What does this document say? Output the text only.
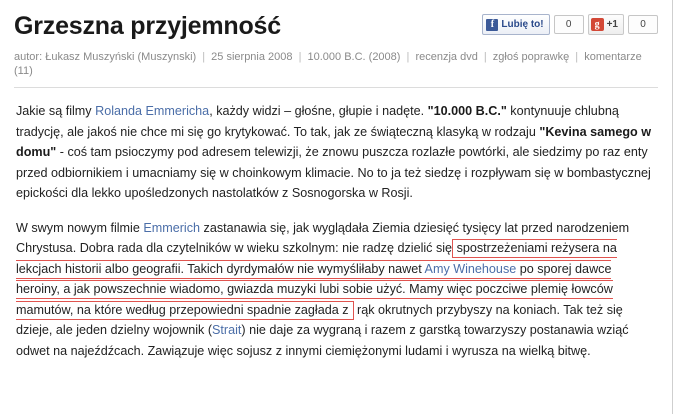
Grzeszna przyjemność	f Lubię to!	0	g +1	0
autor: Łukasz Muszyński (Muszynski) | 25 sierpnia 2008 | 10.000 B.C. (2008) | recenzja dvd | zgłoś poprawkę | komentarze (11)

Jakie są filmy Rolanda Emmericha, każdy widzi – głośne, głupie i nadęte. "10.000 B.C." kontynuuje chlubną tradycję, ale jakoś nie chce mi się go krytykować. To tak, jak ze świąteczną klasyką w rodzaju "Kevina samego w domu" - coś tam psioczymy pod adresem telewizji, że znowu puszcza rozlazłe powtórki, ale siedzimy po raz enty przed odbiornikiem i umacniamy się w choinkowym klimacie. No to ja też siedzę i rozpływam się w bombastycznej epickości dla lekko upośledzonych nastolatków z Sosnogorska w Rosji.

W swym nowym filmie Emmerich zastanawia się, jak wyglądała Ziemia dziesięć tysięcy lat przed narodzeniem Chrystusa. Dobra rada dla czytelników w wieku szkolnym: nie radzę dzielić się spostrzeżeniami reżysera na lekcjach historii albo geografii. Takich dyrdymałów nie wymyśliłaby nawet Amy Winehouse po sporej dawce heroiny, a jak powszechnie wiadomo, gwiazda muzyki lubi sobie użyć. Mamy więc poczciwe plemię łowców mamutów, na które według przepowiedni spadnie zagłada z rąk okrutnych przybyszy na koniach. Tak też się dzieje, ale jeden dzielny wojownik (Strait) nie daje za wygraną i razem z garstką towarzyszy postanawia wziąć odwet na najeźdźcach. Zawiązuje więc sojusz z innymi ciemiężonymi ludami i wyrusza na wielką bitwę.
